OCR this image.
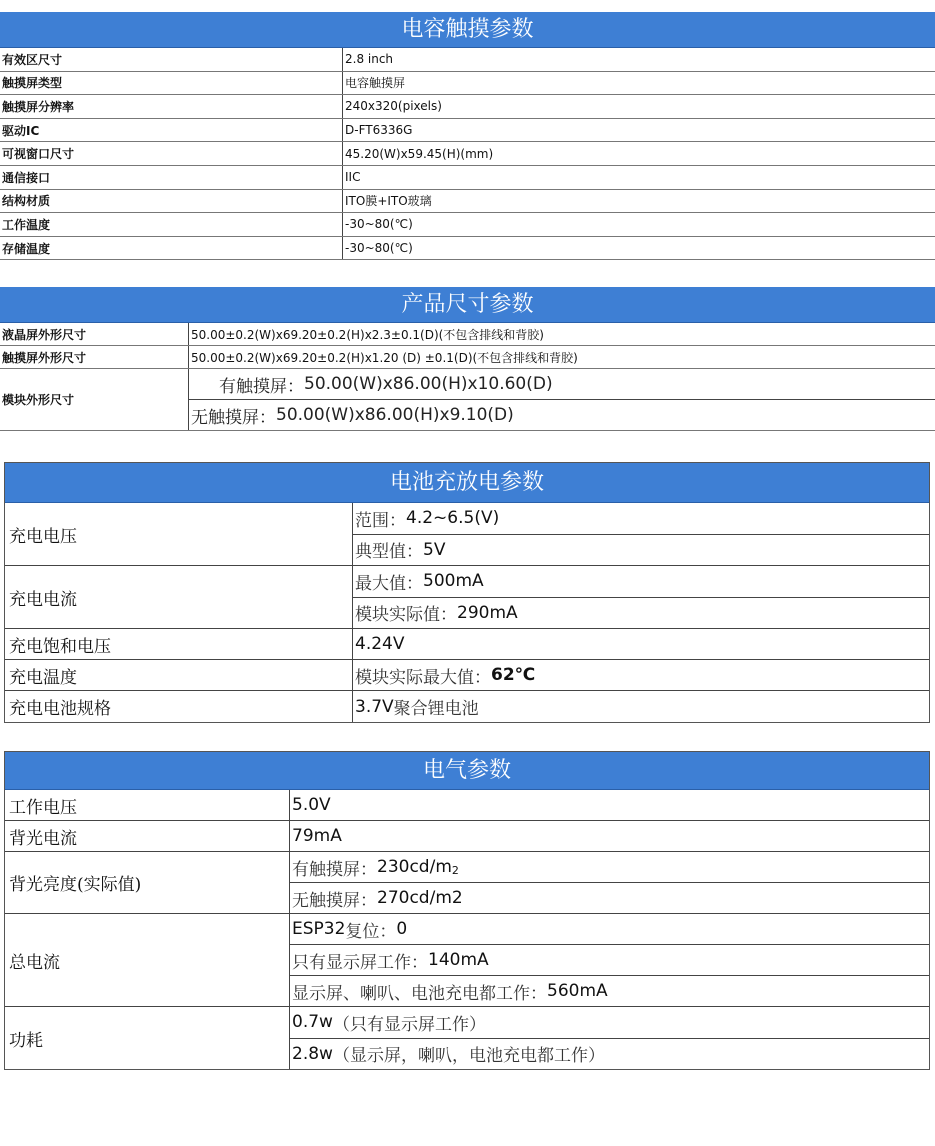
电容触摸参数
有效区尺寸	2.8 inch
触摸屏类型	电容触摸屏
触摸屏分辨率	240x320(pixels)
驱动IC	D-FT6336G
可视窗口尺寸	45.20(W)x59.45(H)(mm)
通信接口	IIC
结构材质	ITO膜+ITO玻璃
工作温度	-30~80(℃)
存储温度	-30~80(℃)
产品尺寸参数
液晶屏外形尺寸	50.00±0.2(W)x69.20±0.2(H)x2.3±0.1(D)(不包含排线和背胶)
触摸屏外形尺寸	50.00±0.2(W)x69.20±0.2(H)x1.20 (D) ±0.1(D)(不包含排线和背胶)
模块外形尺寸
有触摸屏： 50.00(W)x86.00(H)x10.60(D)
无触摸屏： 50.00(W)x86.00(H)x9.10(D)
电池充放电参数
充电电压
范围： 4.2~6.5(V)
典型值： 5V
充电电流
最大值： 500mA
模块实际值： 290mA
充电饱和电压	4.24V
充电温度	模块实际最大值： 62℃
充电电池规格	3.7V 聚合锂电池
电气参数
工作电压	5.0V
背光电流	79mA
背光亮度(实际值)
有触摸屏： 230cd/m 2
无触摸屏： 270cd/m2
总电流
ESP32 复位： 0
只有显示屏工作： 140mA
显示屏、喇叭、电池充电都工作： 560mA
功耗
0.7w （只有显示屏工作）
2.8w （显示屏，喇叭，电池充电都工作）
